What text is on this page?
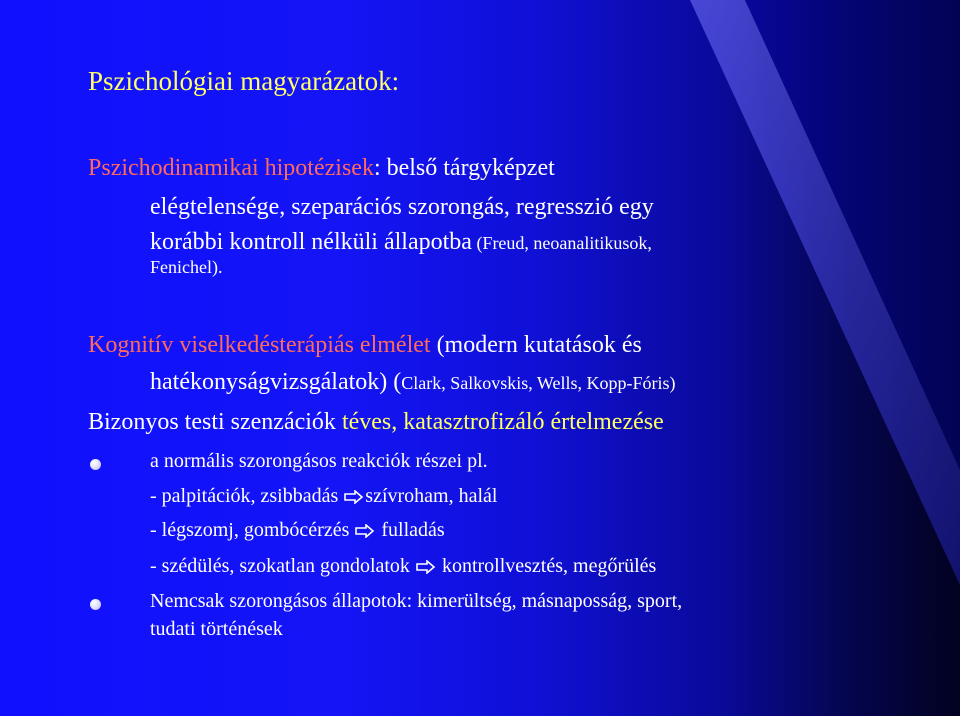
Pszichológiai magyarázatok:
Pszichodinamikai hipotézisek: belső tárgyképzet
elégtelensége, szeparációs szorongás, regresszió egy
korábbi kontroll nélküli állapotba (Freud, neoanalitikusok,
Fenichel).
Kognitív viselkedésterápiás elmélet (modern kutatások és
hatékonyságvizsgálatok) (Clark, Salkovskis, Wells, Kopp-Fóris)
Bizonyos testi szenzációk téves, katasztrofizáló értelmezése
a normális szorongásos reakciók részei pl.
- palpitációk, zsibbadás szívroham, halál
- légszomj, gombócérzés  fulladás
- szédülés, szokatlan gondolatok  kontrollvesztés, megőrülés
Nemcsak szorongásos állapotok: kimerültség, másnaposság, sport,
tudati történések
